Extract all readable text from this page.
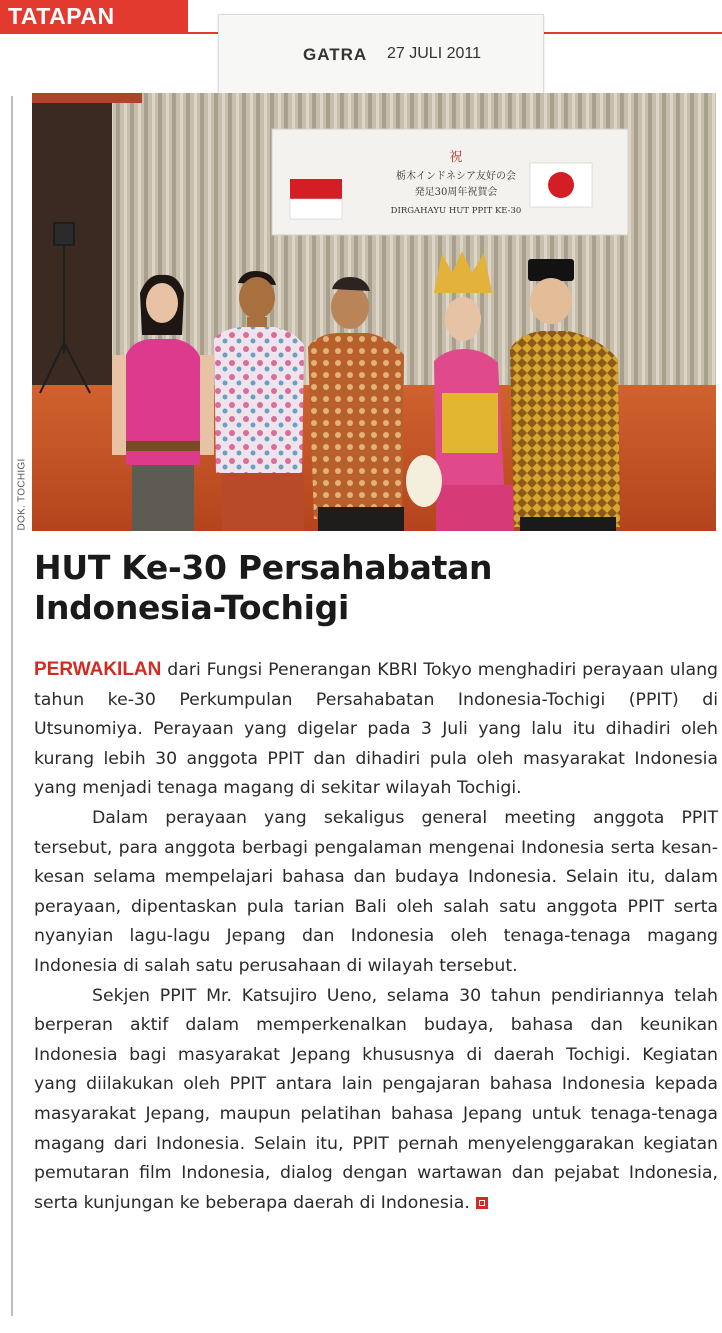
TATAPAN
GATRA 27 JULI 2011
祝
栃木インドネシア友好の会
発足30周年祝賀会
DIRGAHAYU HUT PPIT KE-30
DOK. TOCHIGI
HUT Ke-30 Persahabatan
Indonesia-Tochigi

PERWAKILAN dari Fungsi Penerangan KBRI Tokyo menghadiri perayaan ulang tahun ke-30 Perkumpulan Persahabatan Indonesia-Tochigi (PPIT) di Utsunomiya. Perayaan yang digelar pada 3 Juli yang lalu itu dihadiri oleh kurang lebih 30 anggota PPIT dan dihadiri pula oleh masyarakat Indonesia yang menjadi tenaga magang di sekitar wilayah Tochigi.

Dalam perayaan yang sekaligus general meeting anggota PPIT tersebut, para anggota berbagi pengalaman mengenai Indonesia serta kesan-kesan selama mempelajari bahasa dan budaya Indonesia. Selain itu, dalam perayaan, dipentaskan pula tarian Bali oleh salah satu anggota PPIT serta nyanyian lagu-lagu Jepang dan Indonesia oleh tenaga-tenaga magang Indonesia di salah satu perusahaan di wilayah tersebut.

Sekjen PPIT Mr. Katsujiro Ueno, selama 30 tahun pendiriannya telah berperan aktif dalam memperkenalkan budaya, bahasa dan keunikan Indonesia bagi masyarakat Jepang khususnya di daerah Tochigi. Kegiatan yang diilakukan oleh PPIT antara lain pengajaran bahasa Indonesia kepada masyarakat Jepang, maupun pelatihan bahasa Jepang untuk tenaga-tenaga magang dari Indonesia. Selain itu, PPIT pernah menyelenggarakan kegiatan pemutaran film Indonesia, dialog dengan wartawan dan pejabat Indonesia, serta kunjungan ke beberapa daerah di Indonesia.
